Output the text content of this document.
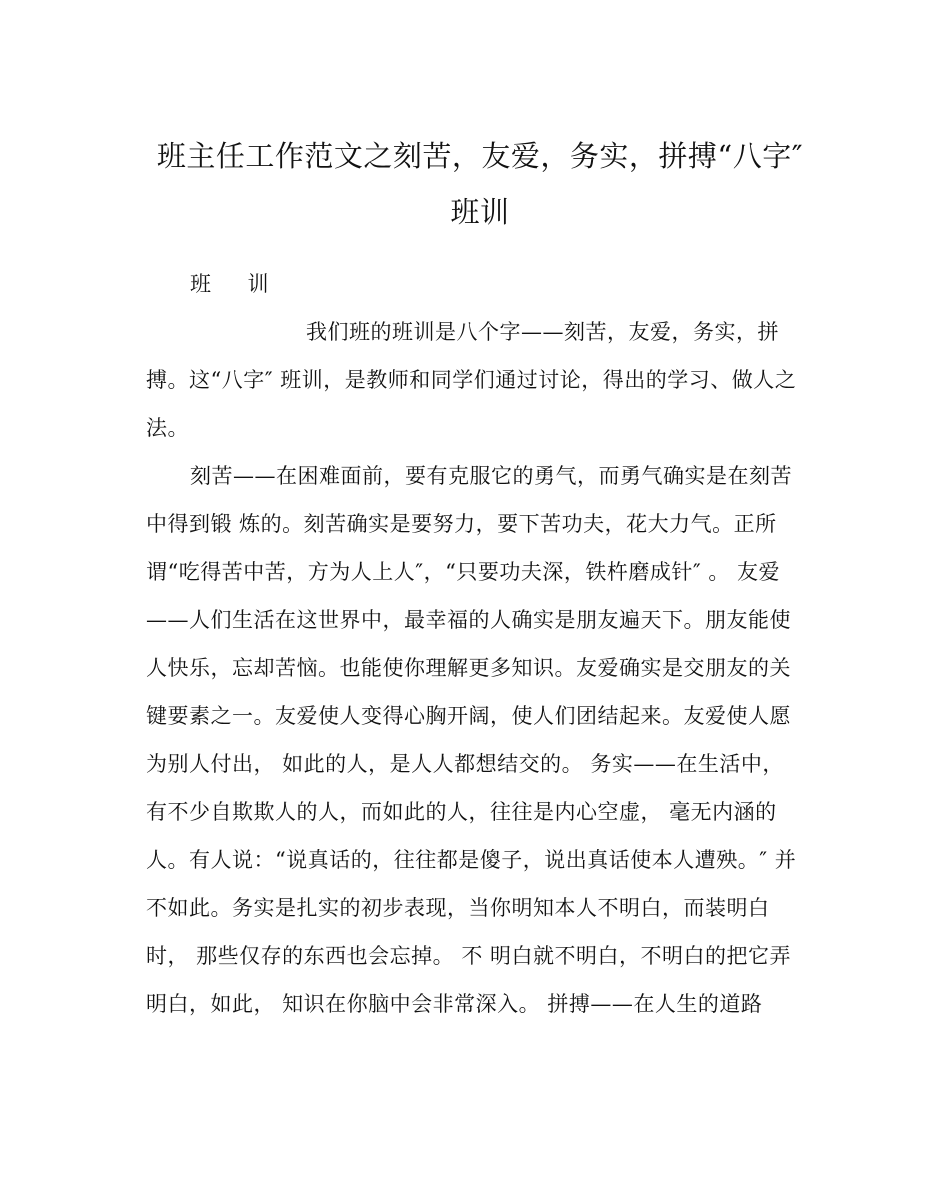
班主任工作范文之刻苦，友爱，务实，拼搏“八字″
班训
班 训
我们班的班训是八个字——刻苦，友爱，务实，拼
搏。这“八字″ 班训，是教师和同学们通过讨论，得出的学习、做人之
法。
刻苦——在困难面前，要有克服它的勇气，而勇气确实是在刻苦
中得到锻 炼的。刻苦确实是要努力，要下苦功夫，花大力气。正所
谓“吃得苦中苦，方为人上人″，“只要功夫深，铁杵磨成针″ 。 友爱
——人们生活在这世界中，最幸福的人确实是朋友遍天下。朋友能使
人快乐，忘却苦恼。也能使你理解更多知识。友爱确实是交朋友的关
键要素之一。友爱使人变得心胸开阔，使人们团结起来。友爱使人愿
为别人付出， 如此的人，是人人都想结交的。 务实——在生活中，
有不少自欺欺人的人，而如此的人，往往是内心空虚， 毫无内涵的
人。有人说：“说真话的，往往都是傻子，说出真话使本人遭殃。″ 并
不如此。务实是扎实的初步表现，当你明知本人不明白，而装明白
时， 那些仅存的东西也会忘掉。 不 明白就不明白，不明白的把它弄
明白，如此， 知识在你脑中会非常深入。 拼搏——在人生的道路
